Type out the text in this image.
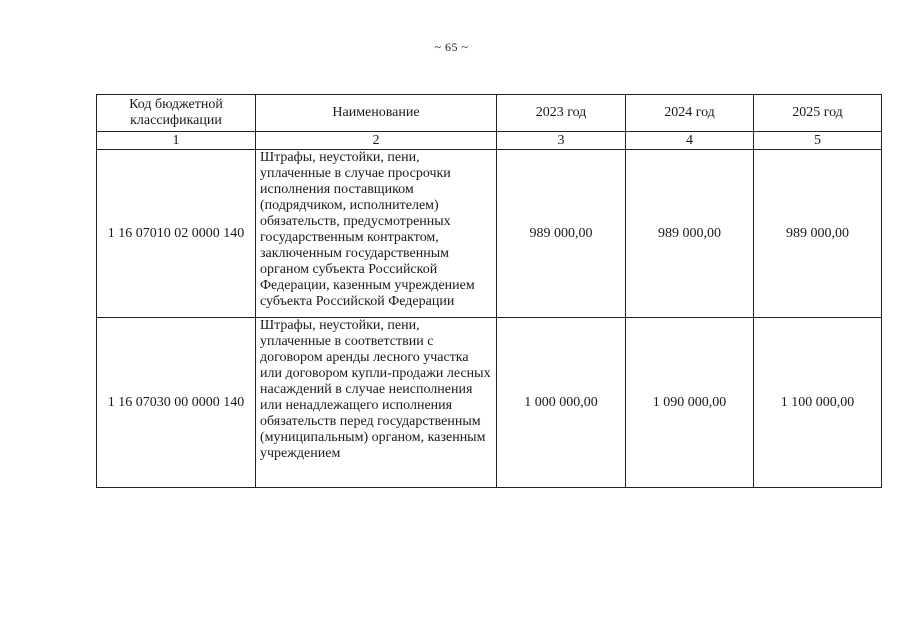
~ 65 ~
Код бюджетной классификации	Наименование	2023 год	2024 год	2025 год
1	2	3	4	5
1 16 07010 02 0000 140	Штрафы, неустойки, пени, уплаченные в случае просрочки исполнения поставщиком (подрядчиком, исполнителем) обязательств, предусмотренных государственным контрактом, заключенным государственным органом субъекта Российской Федерации, казенным учреждением субъекта Российской Федерации	989 000,00	989 000,00	989 000,00
1 16 07030 00 0000 140	Штрафы, неустойки, пени, уплаченные в соответствии с договором аренды лесного участка или договором купли-продажи лесных насаждений в случае неисполнения или ненадлежащего исполнения обязательств перед государственным (муниципальным) органом, казенным учреждением	1 000 000,00	1 090 000,00	1 100 000,00
